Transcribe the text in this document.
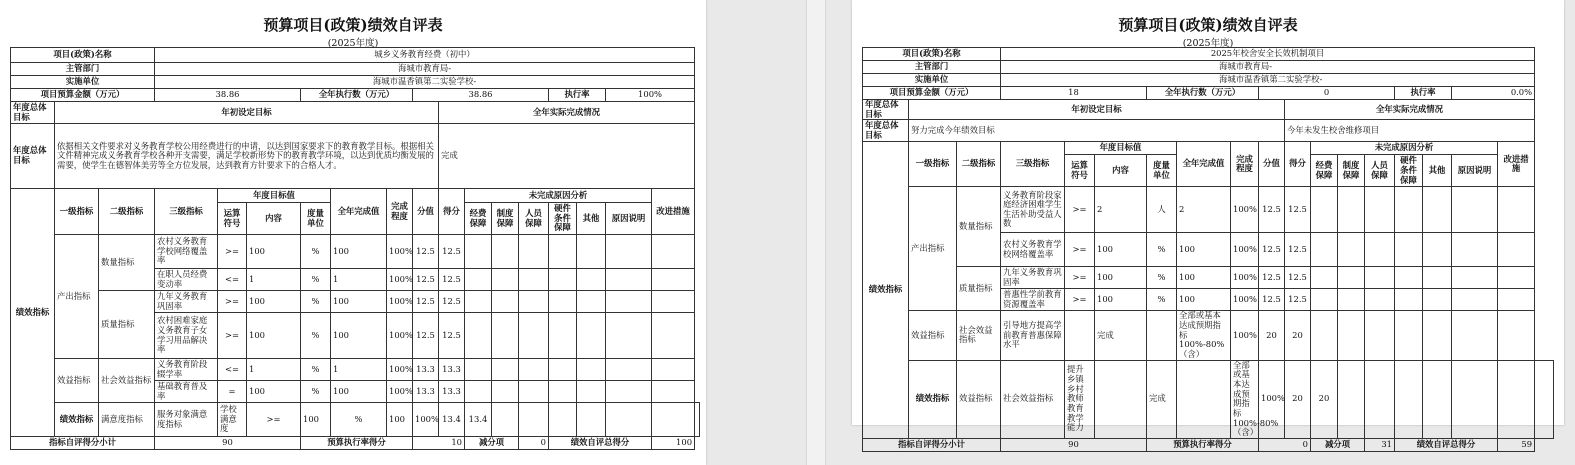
预算项目(政策)绩效自评表
(2025年度)
项目(政策)名称			城乡义务教育经费（初中）															
主管部门			海城市教育局-															
实施单位			海城市温香镇第二实验学校-															
项目预算金额（万元）			38.86			全年执行数（万元）			38.86					执行率		100%		
年度总体目标	年初设定目标									全年实际完成情况								
年度总体目标	依据相关文件要求对义务教育学校公用经费进行的申请，以达到国家要求下的教育教学目标。根据相关文件精神完成义务教育学校各种开支需要，满足学校新形势下的教育教学环境，以达到优质均衡发展的需要，使学生在德智体美劳等全方位发展，达到教育方针要求下的合格人才。									完成								
绩效指标	一级指标	二级指标	三级指标	年度目标值			全年完成值	完成程度	分值	得分	未完成原因分析						改进措施	
				运算符号	内容	度量单位					经费保障	制度保障	人员保障	硬件条件保障	其他	原因说明		
	产出指标	数量指标	农村义务教育学校网络覆盖率	>=	100	%	100	100%	12.5	12.5								
			在职人员经费变动率	<=	1	%	1	100%	12.5	12.5								
		质量指标	九年义务教育巩固率	>=	100	%	100	100%	12.5	12.5								
			农村困难家庭义务教育子女学习用品解决率	>=	100	%	100	100%	12.5	12.5								
	效益指标	社会效益指标	义务教育阶段辍学率	<=	1	%	1	100%	13.3	13.3								
			基础教育普及率	=	100	%	100	100%	13.3	13.3								
	绩效指标	满意度指标	服务对象满意度指标	学校满意度	>=	100	%	100	100%	13.4	13.4							
指标自评得分小计			90			预算执行率得分			10		减分项		0	绩效自评总得分			100	
预算项目(政策)绩效自评表
(2025年度)
项目(政策)名称			2025年校舍安全长效机制项目															
主管部门			海城市教育局-															
实施单位			海城市温香镇第二实验学校-															
项目预算金额（万元）			18			全年执行数（万元）			0					执行率		0.0%		
年度总体目标	年初设定目标									全年实际完成情况								
年度总体目标	努力完成今年绩效目标									今年未发生校舍维修项目								
绩效指标	一级指标	二级指标	三级指标	年度目标值			全年完成值	完成程度	分值	得分	未完成原因分析						改进措施	
				运算符号	内容	度量单位					经费保障	制度保障	人员保障	硬件条件保障	其他	原因说明		
	产出指标	数量指标	义务教育阶段家庭经济困难学生生活补助受益人数	>=	2	人	2	100%	12.5	12.5								
			农村义务教育学校网络覆盖率	>=	100	%	100	100%	12.5	12.5								
		质量指标	九年义务教育巩固率	>=	100	%	100	100%	12.5	12.5								
			普惠性学前教育资源覆盖率	>=	100	%	100	100%	12.5	12.5								
	效益指标	社会效益指标	引导地方提高学前教育普惠保障水平		完成		全部或基本达成预期指标100%-80%（含）	100%	20	20								
	绩效指标	效益指标	社会效益指标	提升乡镇乡村教师教育教学能力		完成		全部或基本达成预期指标100%-80%（含）	100%	20	20							
指标自评得分小计			90			预算执行率得分			0		减分项		31	绩效自评总得分			59	
